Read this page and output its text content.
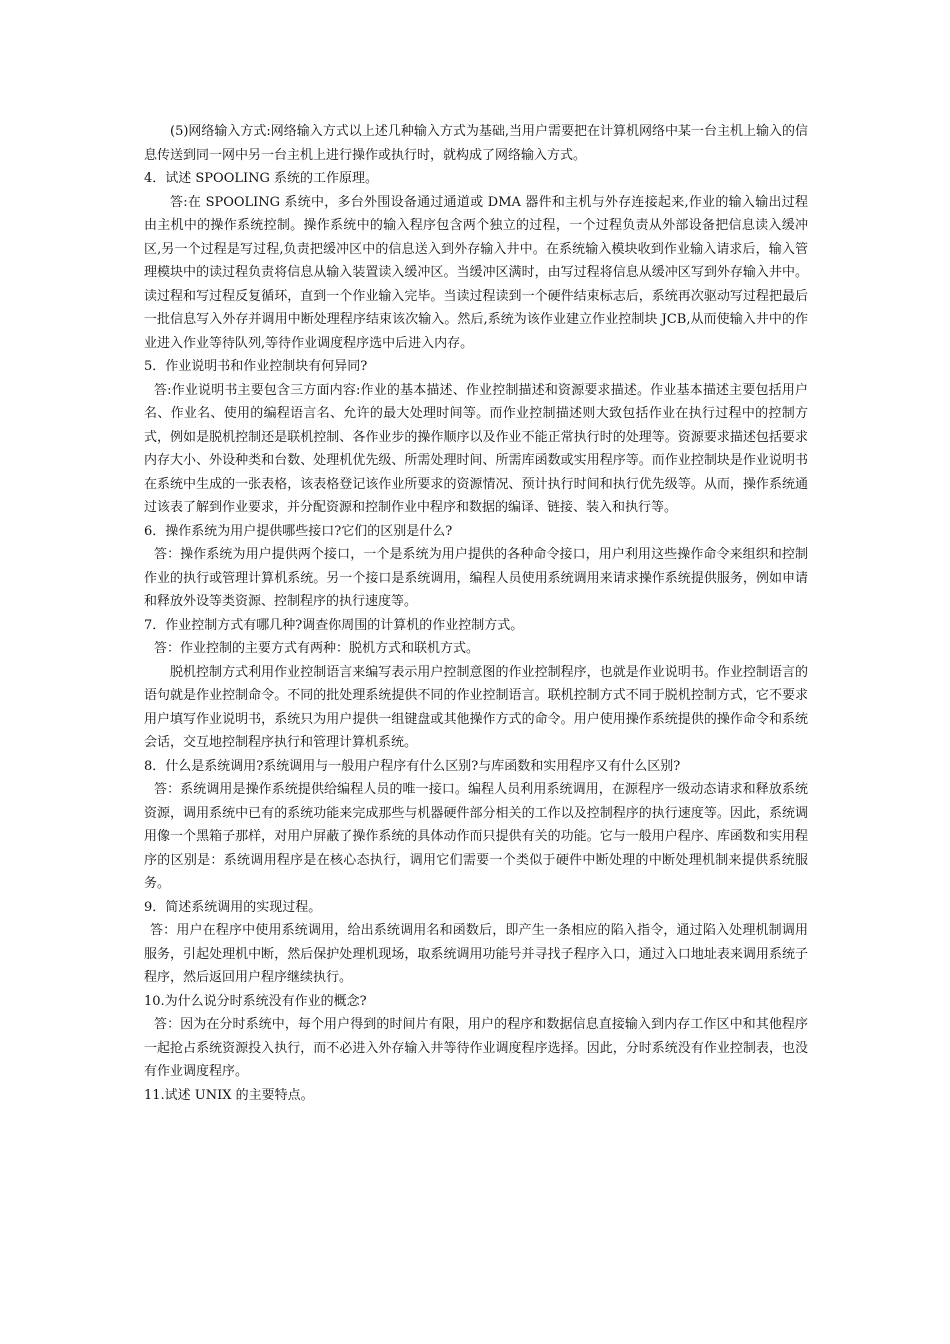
(5)网络输入方式:网络输入方式以上述几种输入方式为基础,当用户需要把在计算机网络中某一台主机上输入的信息传送到同一网中另一台主机上进行操作或执行时，就构成了网络输入方式。

4．试述 SPOOLING 系统的工作原理。

答:在 SPOOLING 系统中，多台外围设备通过通道或 DMA 器件和主机与外存连接起来,作业的输入输出过程由主机中的操作系统控制。操作系统中的输入程序包含两个独立的过程，一个过程负责从外部设备把信息读入缓冲区,另一个过程是写过程,负责把缓冲区中的信息送入到外存输入井中。在系统输入模块收到作业输入请求后，输入管理模块中的读过程负责将信息从输入装置读入缓冲区。当缓冲区满时，由写过程将信息从缓冲区写到外存输入井中。读过程和写过程反复循环，直到一个作业输入完毕。当读过程读到一个硬件结束标志后，系统再次驱动写过程把最后一批信息写入外存并调用中断处理程序结束该次输入。然后,系统为该作业建立作业控制块 JCB,从而使输入井中的作业进入作业等待队列,等待作业调度程序选中后进入内存。

5．作业说明书和作业控制块有何异同?

答:作业说明书主要包含三方面内容:作业的基本描述、作业控制描述和资源要求描述。作业基本描述主要包括用户名、作业名、使用的编程语言名、允许的最大处理时间等。而作业控制描述则大致包括作业在执行过程中的控制方式，例如是脱机控制还是联机控制、各作业步的操作顺序以及作业不能正常执行时的处理等。资源要求描述包括要求内存大小、外设种类和台数、处理机优先级、所需处理时间、所需库函数或实用程序等。而作业控制块是作业说明书在系统中生成的一张表格，该表格登记该作业所要求的资源情况、预计执行时间和执行优先级等。从而，操作系统通过该表了解到作业要求，并分配资源和控制作业中程序和数据的编译、链接、装入和执行等。

6．操作系统为用户提供哪些接口?它们的区别是什么?

答：操作系统为用户提供两个接口，一个是系统为用户提供的各种命令接口，用户利用这些操作命令来组织和控制作业的执行或管理计算机系统。另一个接口是系统调用，编程人员使用系统调用来请求操作系统提供服务，例如申请和释放外设等类资源、控制程序的执行速度等。

7．作业控制方式有哪几种?调查你周围的计算机的作业控制方式。

答：作业控制的主要方式有两种：脱机方式和联机方式。

脱机控制方式利用作业控制语言来编写表示用户控制意图的作业控制程序，也就是作业说明书。作业控制语言的语句就是作业控制命令。不同的批处理系统提供不同的作业控制语言。联机控制方式不同于脱机控制方式，它不要求用户填写作业说明书，系统只为用户提供一组键盘或其他操作方式的命令。用户使用操作系统提供的操作命令和系统会话，交互地控制程序执行和管理计算机系统。

8．什么是系统调用?系统调用与一般用户程序有什么区别?与库函数和实用程序又有什么区别?

答：系统调用是操作系统提供给编程人员的唯一接口。编程人员利用系统调用，在源程序一级动态请求和释放系统资源，调用系统中已有的系统功能来完成那些与机器硬件部分相关的工作以及控制程序的执行速度等。因此，系统调用像一个黑箱子那样，对用户屏蔽了操作系统的具体动作而只提供有关的功能。它与一般用户程序、库函数和实用程序的区别是：系统调用程序是在核心态执行，调用它们需要一个类似于硬件中断处理的中断处理机制来提供系统服务。

9．简述系统调用的实现过程。

答：用户在程序中使用系统调用，给出系统调用名和函数后，即产生一条相应的陷入指令，通过陷入处理机制调用服务，引起处理机中断，然后保护处理机现场，取系统调用功能号并寻找子程序入口，通过入口地址表来调用系统子程序，然后返回用户程序继续执行。

10.为什么说分时系统没有作业的概念?

答：因为在分时系统中，每个用户得到的时间片有限，用户的程序和数据信息直接输入到内存工作区中和其他程序一起抢占系统资源投入执行，而不必进入外存输入井等待作业调度程序选择。因此，分时系统没有作业控制表，也没有作业调度程序。

11.试述 UNIX 的主要特点。
